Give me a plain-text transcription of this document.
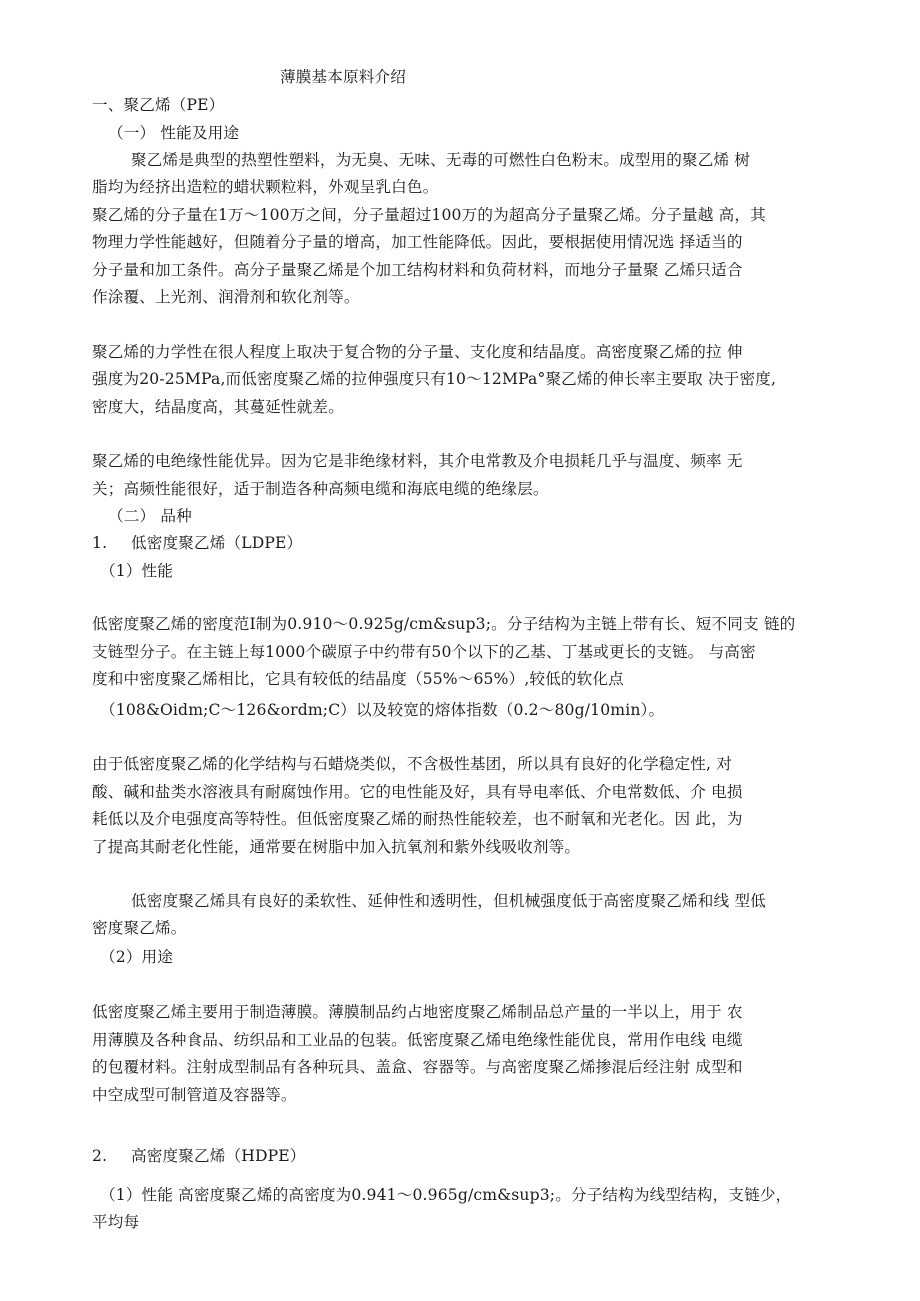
薄膜基本原料介绍

一、聚乙烯（PE）

（一） 性能及用途

聚乙烯是典型的热塑性塑料，为无臭、无味、无毒的可燃性白色粉末。成型用的聚乙烯 树

脂均为经挤出造粒的蜡状颗粒料，外观呈乳白色。

聚乙烯的分子量在1万～100万之间，分子量超过100万的为超高分子量聚乙烯。分子量越 高，其

物理力学性能越好，但随着分子量的增高，加工性能降低。因此，要根据使用情况选 择适当的

分子量和加工条件。高分子量聚乙烯是个加工结构材料和负荷材料，而地分子量聚 乙烯只适合

作涂覆、上光剂、润滑剂和软化剂等。

聚乙烯的力学性在很人程度上取决于复合物的分子量、支化度和结晶度。高密度聚乙烯的拉 伸

强度为20-25MPa,而低密度聚乙烯的拉伸强度只有10～12MPa°聚乙烯的伸长率主要取 决于密度,

密度大，结晶度高，其蔓延性就差。

聚乙烯的电绝缘性能优异。因为它是非绝缘材料，其介电常教及介电损耗几乎与温度、频率 无

关；高频性能很好，适于制造各种高频电缆和海底电缆的绝缘层。

（二） 品种

1. 低密度聚乙烯（LDPE）

（1）性能

低密度聚乙烯的密度范I制为0.910～0.925g/cm&sup3;。分子结构为主链上带有长、短不同支 链的

支链型分子。在主链上每1000个碳原子中约带有50个以下的乙基、丁基或更长的支链。 与高密

度和中密度聚乙烯相比，它具有较低的结晶度（55%～65%）,较低的软化点

（108&Oidm;C～126&ordm;C）以及较宽的熔体指数（0.2～80g/10min）。

由于低密度聚乙烯的化学结构与石蜡烧类似，不含极性基团，所以具有良好的化学稳定性, 对

酸、碱和盐类水溶液具有耐腐蚀作用。它的电性能及好，具有导电率低、介电常数低、介 电损

耗低以及介电强度高等特性。但低密度聚乙烯的耐热性能较差，也不耐氧和光老化。因 此，为

了提高其耐老化性能，通常要在树脂中加入抗氧剂和紫外线吸收剂等。

低密度聚乙烯具有良好的柔软性、延伸性和透明性，但机械强度低于高密度聚乙烯和线 型低

密度聚乙烯。

（2）用途

低密度聚乙烯主要用于制造薄膜。薄膜制品约占地密度聚乙烯制品总产量的一半以上，用于 农

用薄膜及各种食品、纺织品和工业品的包装。低密度聚乙烯电绝缘性能优良，常用作电线 电缆

的包覆材料。注射成型制品有各种玩具、盖盒、容器等。与高密度聚乙烯掺混后经注射 成型和

中空成型可制管道及容器等。

2. 高密度聚乙烯（HDPE）

（1）性能 高密度聚乙烯的高密度为0.941～0.965g/cm&sup3;。分子结构为线型结构，支链少，

平均每
